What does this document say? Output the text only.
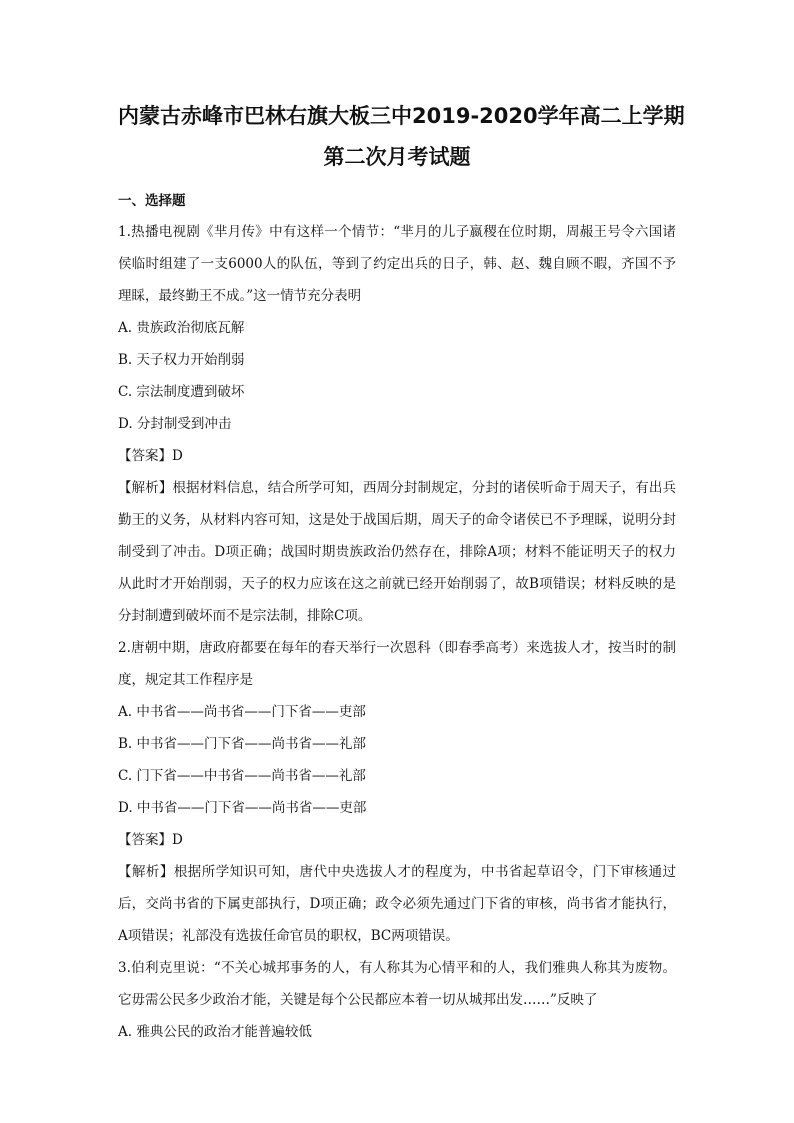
内蒙古赤峰市巴林右旗大板三中2019-2020学年高二上学期
第二次月考试题
一、选择题

1.热播电视剧《芈月传》中有这样一个情节：“芈月的儿子嬴稷在位时期，周赧王号令六国诸侯临时组建了一支6000人的队伍，等到了约定出兵的日子，韩、赵、魏自顾不暇，齐国不予理睬，最终勤王不成。”这一情节充分表明

A. 贵族政治彻底瓦解

B. 天子权力开始削弱

C. 宗法制度遭到破坏

D. 分封制受到冲击

【答案】D

【解析】根据材料信息，结合所学可知，西周分封制规定，分封的诸侯听命于周天子，有出兵勤王的义务，从材料内容可知，这是处于战国后期，周天子的命令诸侯已不予理睬，说明分封制受到了冲击。D项正确；战国时期贵族政治仍然存在，排除A项；材料不能证明天子的权力从此时才开始削弱，天子的权力应该在这之前就已经开始削弱了，故B项错误；材料反映的是分封制遭到破坏而不是宗法制，排除C项。

2.唐朝中期，唐政府都要在每年的春天举行一次恩科（即春季高考）来选拔人才，按当时的制度，规定其工作程序是

A. 中书省——尚书省——门下省——吏部

B. 中书省——门下省——尚书省——礼部

C. 门下省——中书省——尚书省——礼部

D. 中书省——门下省——尚书省——吏部

【答案】D

【解析】根据所学知识可知，唐代中央选拔人才的程度为，中书省起草诏令，门下审核通过后，交尚书省的下属吏部执行，D项正确；政令必须先通过门下省的审核，尚书省才能执行，A项错误；礼部没有选拔任命官员的职权，BC两项错误。

3.伯利克里说：“不关心城邦事务的人，有人称其为心情平和的人，我们雅典人称其为废物。它毋需公民多少政治才能，关键是每个公民都应本着一切从城邦出发……”反映了

A. 雅典公民的政治才能普遍较低
